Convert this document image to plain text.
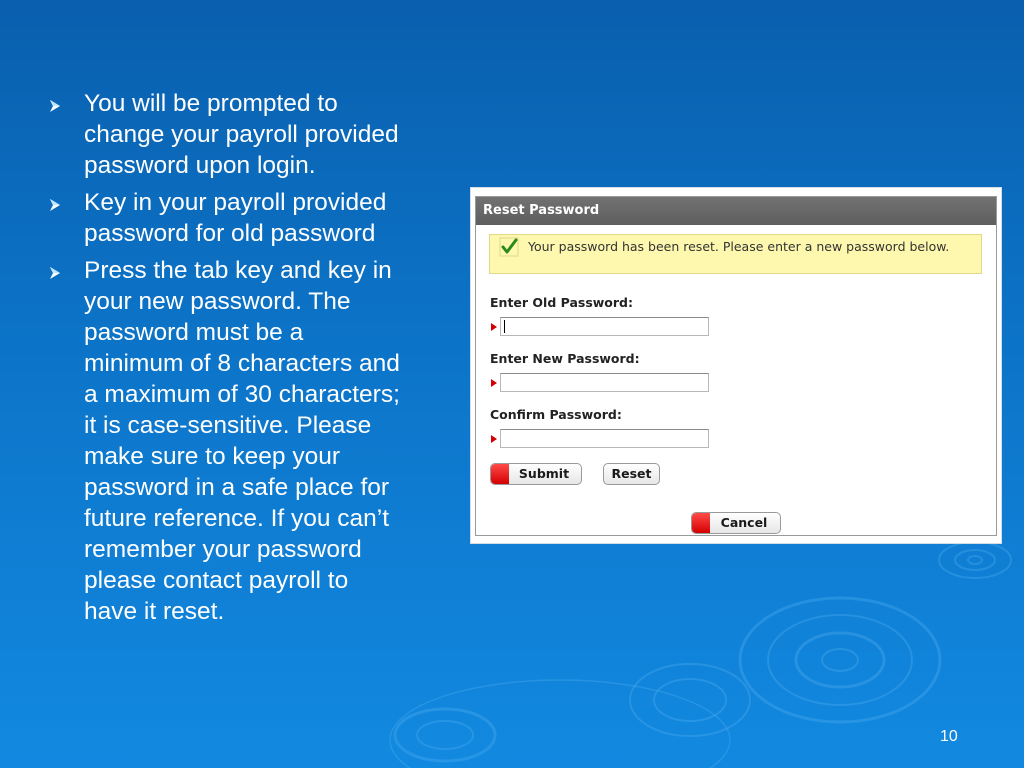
You will be prompted to
change your payroll provided
password upon login.
Key in your payroll provided
password for old password
Press the tab key and key in
your new password. The
password must be a
minimum of 8 characters and
a maximum of 30 characters;
it is case-sensitive. Please
make sure to keep your
password in a safe place for
future reference. If you can’t
remember your password
please contact payroll to
have it reset.
Reset Password
Your password has been reset. Please enter a new password below.
Enter Old Password:
Enter New Password:
Confirm Password:
Submit	Reset
Cancel
10
